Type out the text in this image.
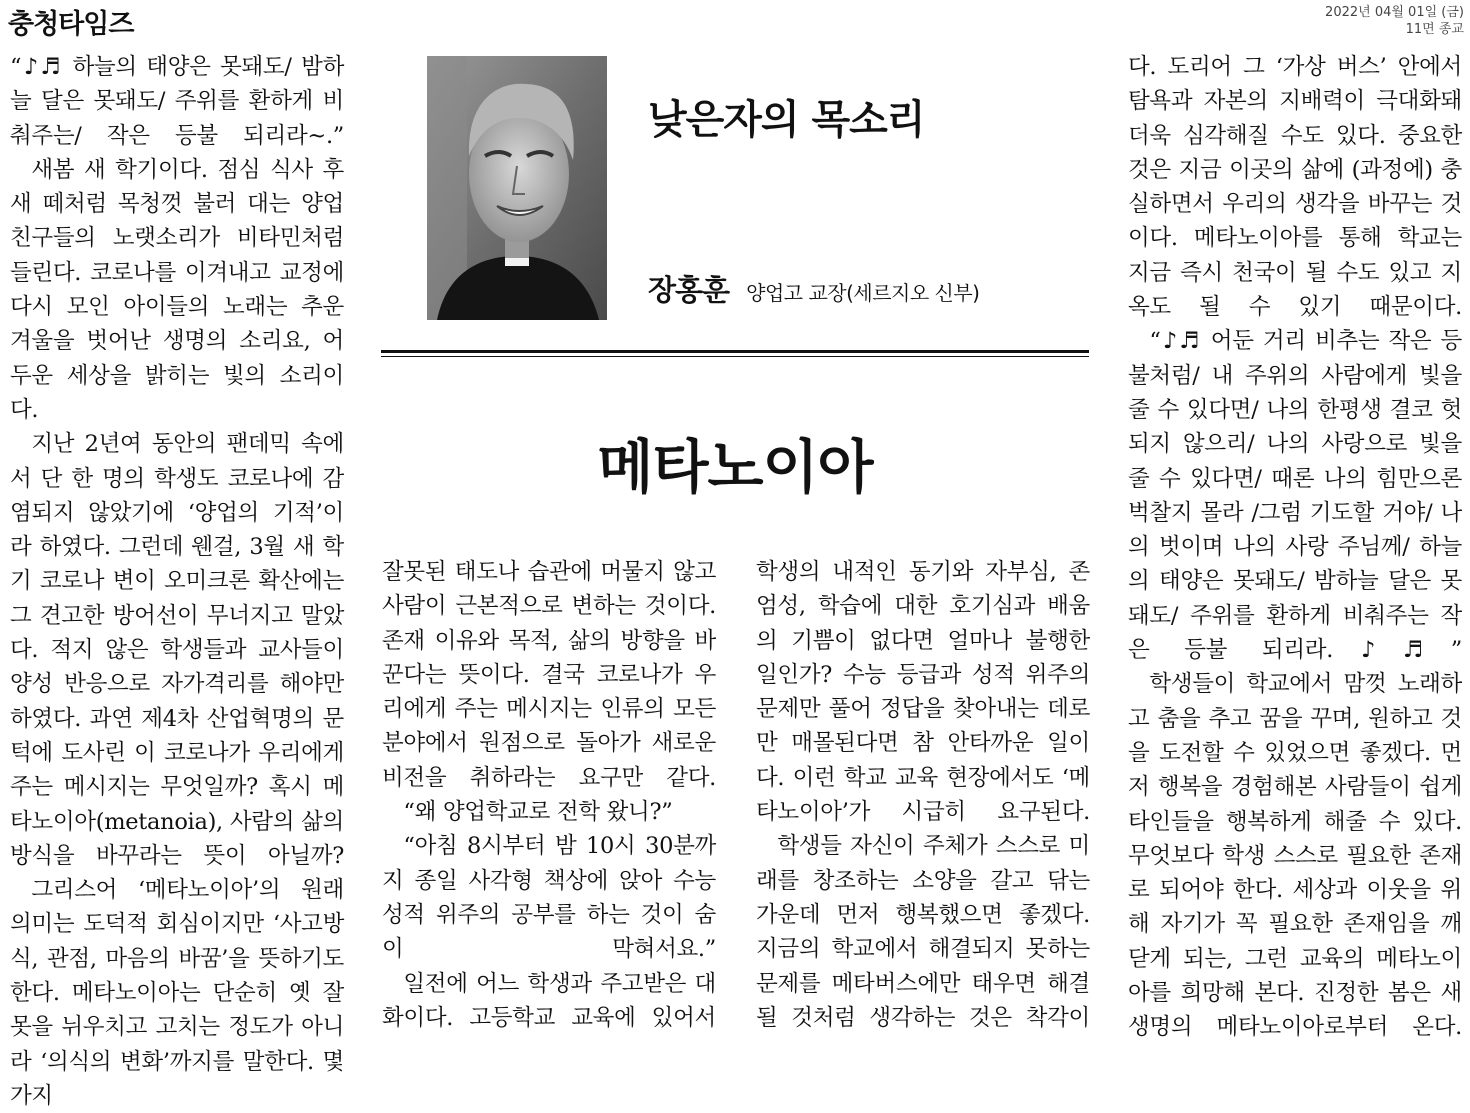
충청타임즈	2022년 04월 01일 (금)
11면 종교

“♪♬ 하늘의 태양은 못돼도/ 밤하늘 달은 못돼도/ 주위를 환하게 비춰주는/ 작은 등불 되리라~.”

새봄 새 학기이다. 점심 식사 후 새 떼처럼 목청껏 불러 대는 양업 친구들의 노랫소리가 비타민처럼 들린다. 코로나를 이겨내고 교정에 다시 모인 아이들의 노래는 추운 겨울을 벗어난 생명의 소리요, 어두운 세상을 밝히는 빛의 소리이다.

지난 2년여 동안의 팬데믹 속에서 단 한 명의 학생도 코로나에 감염되지 않았기에 ‘양업의 기적’이라 하였다. 그런데 웬걸, 3월 새 학기 코로나 변이 오미크론 확산에는 그 견고한 방어선이 무너지고 말았다. 적지 않은 학생들과 교사들이 양성 반응으로 자가격리를 해야만 하였다. 과연 제4차 산업혁명의 문턱에 도사린 이 코로나가 우리에게 주는 메시지는 무엇일까? 혹시 메타노이아(metanoia), 사람의 삶의 방식을 바꾸라는 뜻이 아닐까?

그리스어 ‘메타노이아’의 원래 의미는 도덕적 회심이지만 ‘사고방식, 관점, 마음의 바꿈’을 뜻하기도 한다. 메타노이아는 단순히 옛 잘못을 뉘우치고 고치는 정도가 아니라 ‘의식의 변화’까지를 말한다. 몇 가지

낮은자의 목소리
장홍훈 양업고 교장(세르지오 신부)
메타노이아

잘못된 태도나 습관에 머물지 않고 사람이 근본적으로 변하는 것이다. 존재 이유와 목적, 삶의 방향을 바꾼다는 뜻이다. 결국 코로나가 우리에게 주는 메시지는 인류의 모든 분야에서 원점으로 돌아가 새로운 비전을 취하라는 요구만 같다.

“왜 양업학교로 전학 왔니?”

“아침 8시부터 밤 10시 30분까지 종일 사각형 책상에 앉아 수능성적 위주의 공부를 하는 것이 숨이 막혀서요.”

일전에 어느 학생과 주고받은 대화이다. 고등학교 교육에 있어서

학생의 내적인 동기와 자부심, 존엄성, 학습에 대한 호기심과 배움의 기쁨이 없다면 얼마나 불행한 일인가? 수능 등급과 성적 위주의 문제만 풀어 정답을 찾아내는 데로만 매몰된다면 참 안타까운 일이다. 이런 학교 교육 현장에서도 ‘메타노이아’가 시급히 요구된다.

학생들 자신이 주체가 스스로 미래를 창조하는 소양을 갈고 닦는 가운데 먼저 행복했으면 좋겠다. 지금의 학교에서 해결되지 못하는 문제를 메타버스에만 태우면 해결될 것처럼 생각하는 것은 착각이

다. 도리어 그 ‘가상 버스’ 안에서 탐욕과 자본의 지배력이 극대화돼 더욱 심각해질 수도 있다. 중요한 것은 지금 이곳의 삶에 (과정에) 충실하면서 우리의 생각을 바꾸는 것이다. 메타노이아를 통해 학교는 지금 즉시 천국이 될 수도 있고 지옥도 될 수 있기 때문이다.

“♪♬ 어둔 거리 비추는 작은 등불처럼/ 내 주위의 사람에게 빛을 줄 수 있다면/ 나의 한평생 결코 헛되지 않으리/ 나의 사랑으로 빛을 줄 수 있다면/ 때론 나의 힘만으론 벅찰지 몰라 /그럼 기도할 거야/ 나의 벗이며 나의 사랑 주님께/ 하늘의 태양은 못돼도/ 밤하늘 달은 못돼도/ 주위를 환하게 비춰주는 작은 등불 되리라.♪♬”

학생들이 학교에서 맘껏 노래하고 춤을 추고 꿈을 꾸며, 원하고 것을 도전할 수 있었으면 좋겠다. 먼저 행복을 경험해본 사람들이 쉽게 타인들을 행복하게 해줄 수 있다. 무엇보다 학생 스스로 필요한 존재로 되어야 한다. 세상과 이웃을 위해 자기가 꼭 필요한 존재임을 깨닫게 되는, 그런 교육의 메타노이아를 희망해 본다. 진정한 봄은 새 생명의 메타노이아로부터 온다.
